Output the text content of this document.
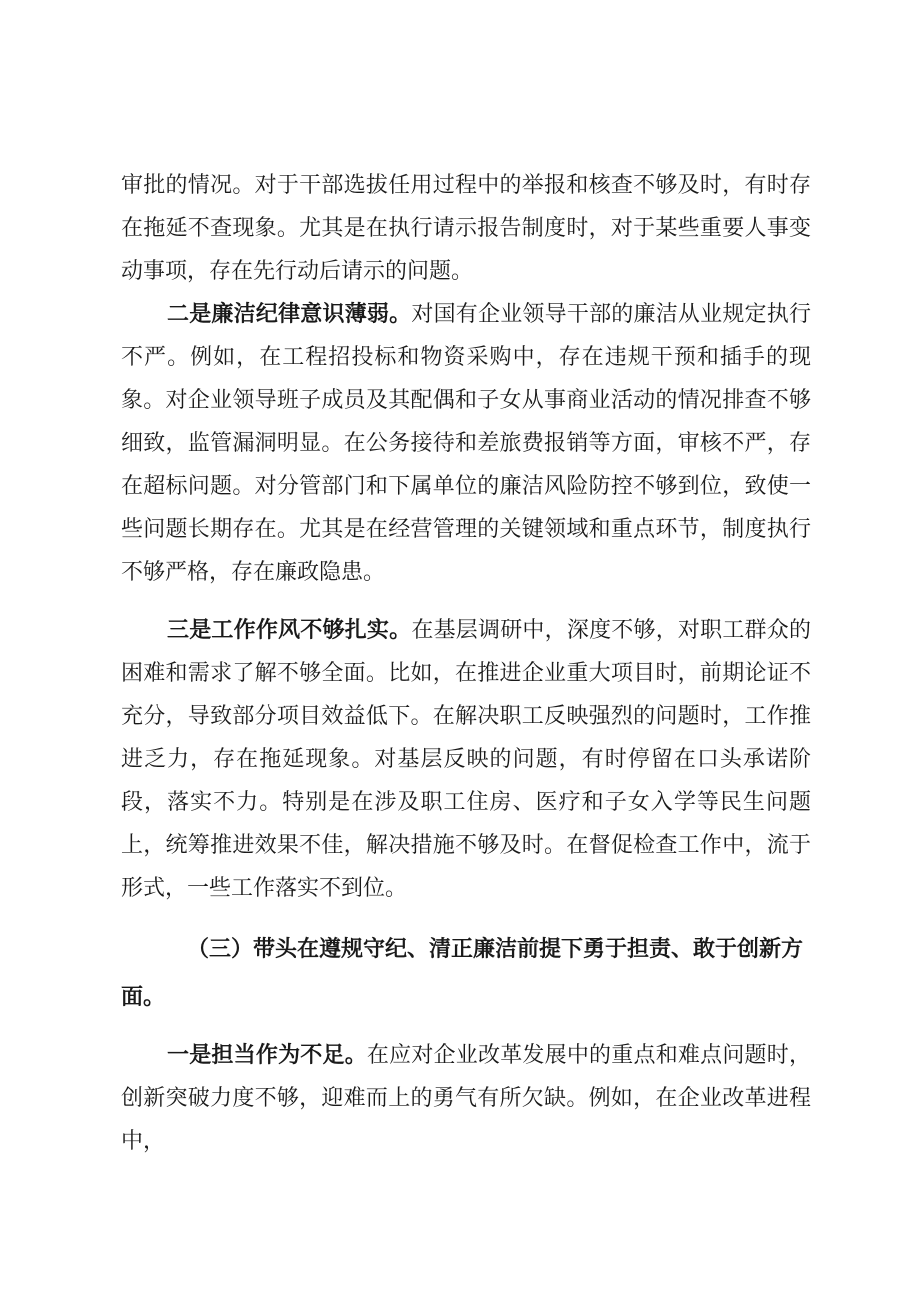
审批的情况。对于干部选拔任用过程中的举报和核查不够及时，有时存在拖延不查现象。尤其是在执行请示报告制度时，对于某些重要人事变动事项，存在先行动后请示的问题。

二是廉洁纪律意识薄弱。对国有企业领导干部的廉洁从业规定执行不严。例如，在工程招投标和物资采购中，存在违规干预和插手的现象。对企业领导班子成员及其配偶和子女从事商业活动的情况排查不够细致，监管漏洞明显。在公务接待和差旅费报销等方面，审核不严，存在超标问题。对分管部门和下属单位的廉洁风险防控不够到位，致使一些问题长期存在。尤其是在经营管理的关键领域和重点环节，制度执行不够严格，存在廉政隐患。

三是工作作风不够扎实。在基层调研中，深度不够，对职工群众的困难和需求了解不够全面。比如，在推进企业重大项目时，前期论证不充分，导致部分项目效益低下。在解决职工反映强烈的问题时，工作推进乏力，存在拖延现象。对基层反映的问题，有时停留在口头承诺阶段，落实不力。特别是在涉及职工住房、医疗和子女入学等民生问题上，统筹推进效果不佳，解决措施不够及时。在督促检查工作中，流于形式，一些工作落实不到位。

（三）带头在遵规守纪、清正廉洁前提下勇于担责、敢于创新方面。

一是担当作为不足。在应对企业改革发展中的重点和难点问题时，创新突破力度不够，迎难而上的勇气有所欠缺。例如，在企业改革进程中，
